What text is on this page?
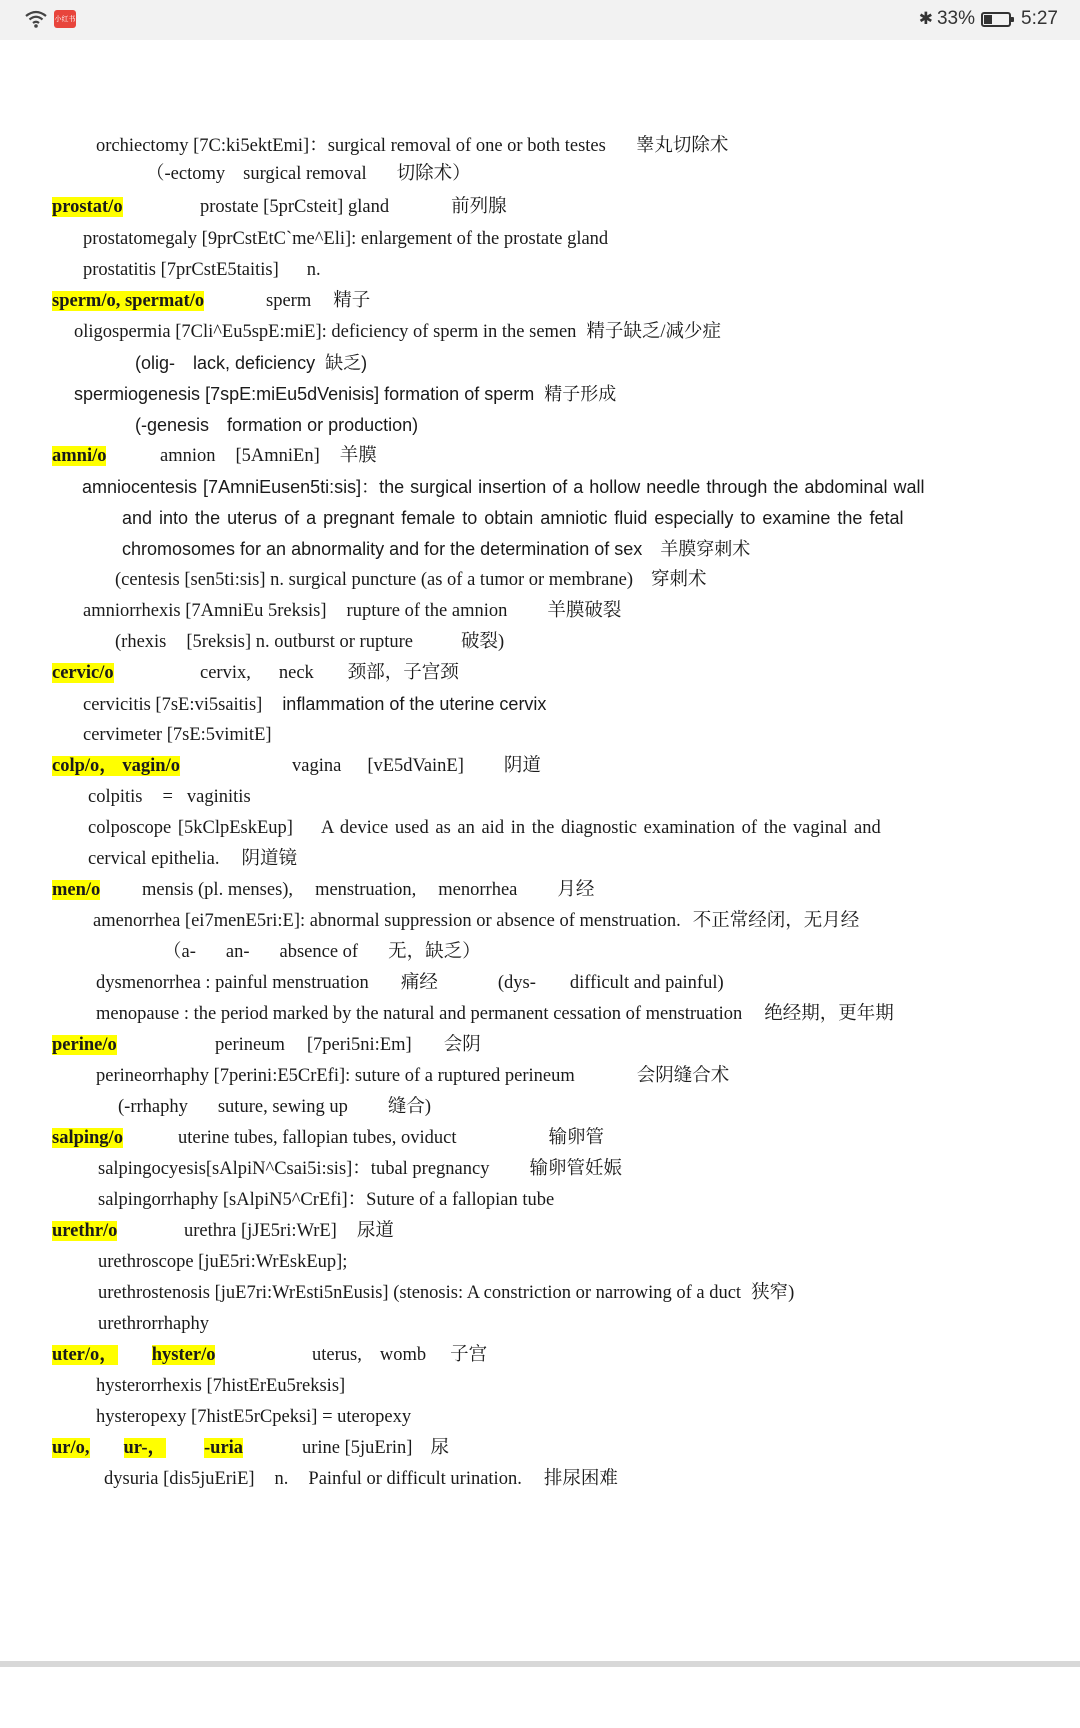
小红书	✱ 33% 5:27
orchiectomy [7C:ki5ektEmi]：surgical removal of one or both testes 睾丸切除术
（-ectomy surgical removal 切除术）
prostat/o	prostate [5prCsteit] gland	前列腺
prostatomegaly [9prCstEtC`me^Eli]: enlargement of the prostate gland
prostatitis [7prCstE5taitis] n.
sperm/o, spermat/o	sperm 精子
oligospermia [7Cli^Eu5spE:miE]: deficiency of sperm in the semen 精子缺乏/减少症
(olig- lack, deficiency 缺乏)
spermiogenesis [7spE:miEu5dVenisis] formation of sperm 精子形成
(-genesis formation or production)
amni/o	amnion [5AmniEn] 羊膜
amniocentesis [7AmniEusen5ti:sis]：the surgical insertion of a hollow needle through the abdominal wall
and into the uterus of a pregnant female to obtain amniotic fluid especially to examine the fetal
chromosomes for an abnormality and for the determination of sex 羊膜穿刺术
(centesis [sen5ti:sis] n. surgical puncture (as of a tumor or membrane) 穿刺术
amniorrhexis [7AmniEu 5reksis] rupture of the amnion 羊膜破裂
(rhexis [5reksis] n. outburst or rupture	破裂)
cervic/o	cervix, neck 颈部，子宫颈
cervicitis [7sE:vi5saitis] inflammation of the uterine cervix
cervimeter [7sE:5vimitE]
colp/o， vagin/o	vagina [vE5dVainE] 阴道
colpitis = vaginitis
colposcope [5kClpEskEup] A device used as an aid in the diagnostic examination of the vaginal and
cervical epithelia. 阴道镜
men/o mensis (pl. menses), menstruation, menorrhea 月经
amenorrhea [ei7menE5ri:E]: abnormal suppression or absence of menstruation. 不正常经闭，无月经
（a- an- absence of 无，缺乏）
dysmenorrhea : painful menstruation 痛经	(dys- difficult and painful)
menopause : the period marked by the natural and permanent cessation of menstruation 绝经期，更年期
perine/o	perineum [7peri5ni:Em] 会阴
perineorrhaphy [7perini:E5CrEfi]: suture of a ruptured perineum	会阴缝合术
(-rrhaphy suture, sewing up 缝合)
salping/o	uterine tubes, fallopian tubes, oviduct	输卵管
salpingocyesis[sAlpiN^Csai5i:sis]：tubal pregnancy 输卵管妊娠
salpingorrhaphy [sAlpiN5^CrEfi]：Suture of a fallopian tube
urethr/o	urethra [jJE5ri:WrE] 尿道
urethroscope [juE5ri:WrEskEup];
urethrostenosis [juE7ri:WrEsti5nEusis] (stenosis: A constriction or narrowing of a duct 狭窄)
urethrorrhaphy
uter/o， hyster/o	uterus, womb 子宫
hysterorrhexis [7histErEu5reksis]
hysteropexy [7histE5rCpeksi] = uteropexy
ur/o, ur-， -uria	urine [5juErin] 尿
dysuria [dis5juEriE] n. Painful or difficult urination. 排尿困难
